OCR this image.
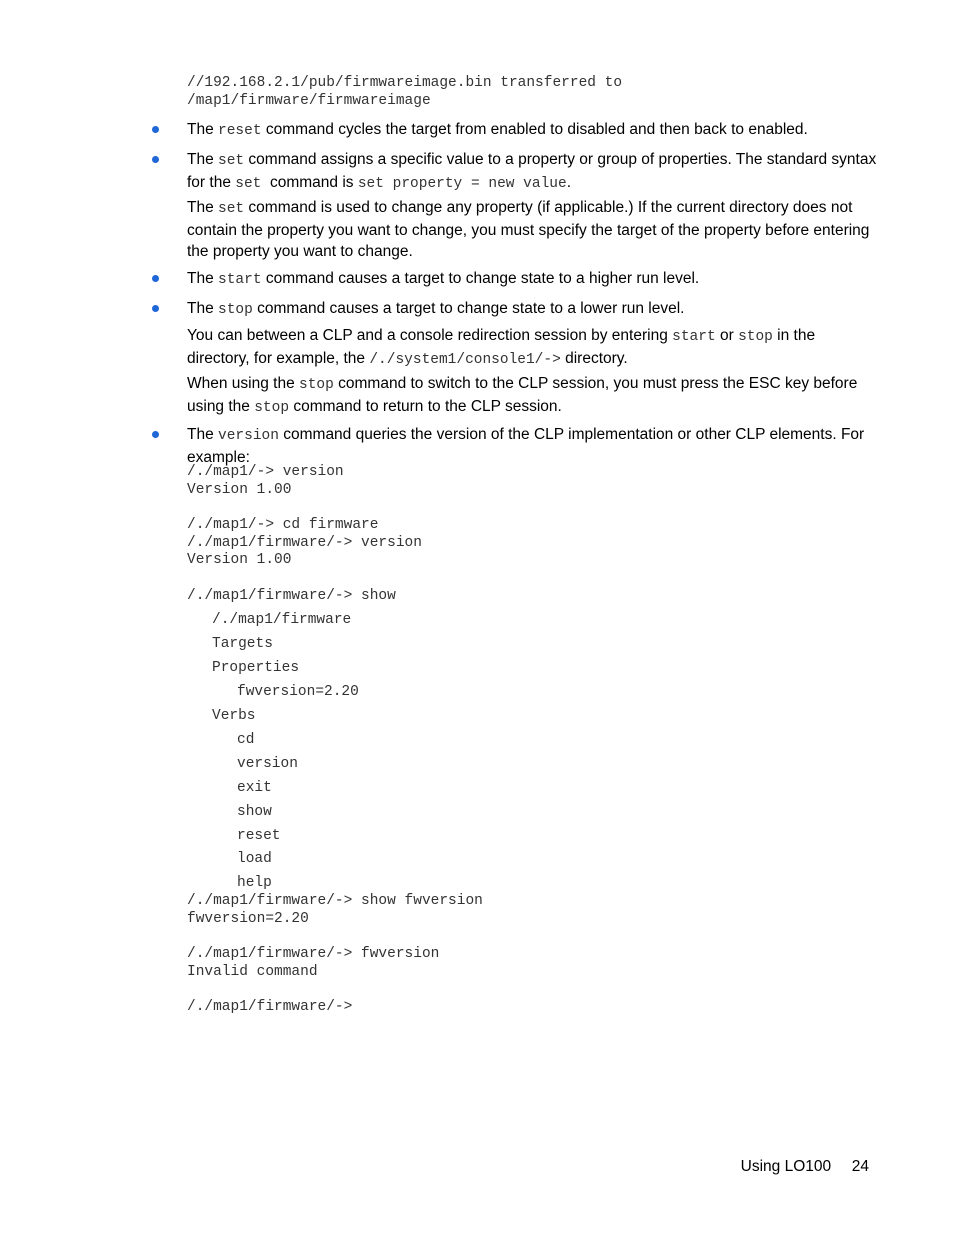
//192.168.2.1/pub/firmwareimage.bin transferred to
/map1/firmware/firmwareimage
The reset command cycles the target from enabled to disabled and then back to enabled.
The set command assigns a specific value to a property or group of properties. The standard syntax for the set  command is set property = new value.
The set command is used to change any property (if applicable.) If the current directory does not contain the property you want to change, you must specify the target of the property before entering the property you want to change.
The start command causes a target to change state to a higher run level.
The stop command causes a target to change state to a lower run level.
You can between a CLP and a console redirection session by entering start or stop in the directory, for example, the /./system1/console1/-> directory.
When using the stop command to switch to the CLP session, you must press the ESC key before using the stop command to return to the CLP session.
The version command queries the version of the CLP implementation or other CLP elements. For example:
/./map1/-> version
Version 1.00
/./map1/-> cd firmware
/./map1/firmware/-> version
Version 1.00
/./map1/firmware/-> show
/./map1/firmware
Targets
Properties
fwversion=2.20
Verbs
cd
version
exit
show
reset
load
help
/./map1/firmware/-> show fwversion
fwversion=2.20
/./map1/firmware/-> fwversion
Invalid command
/./map1/firmware/->
Using LO100 24
